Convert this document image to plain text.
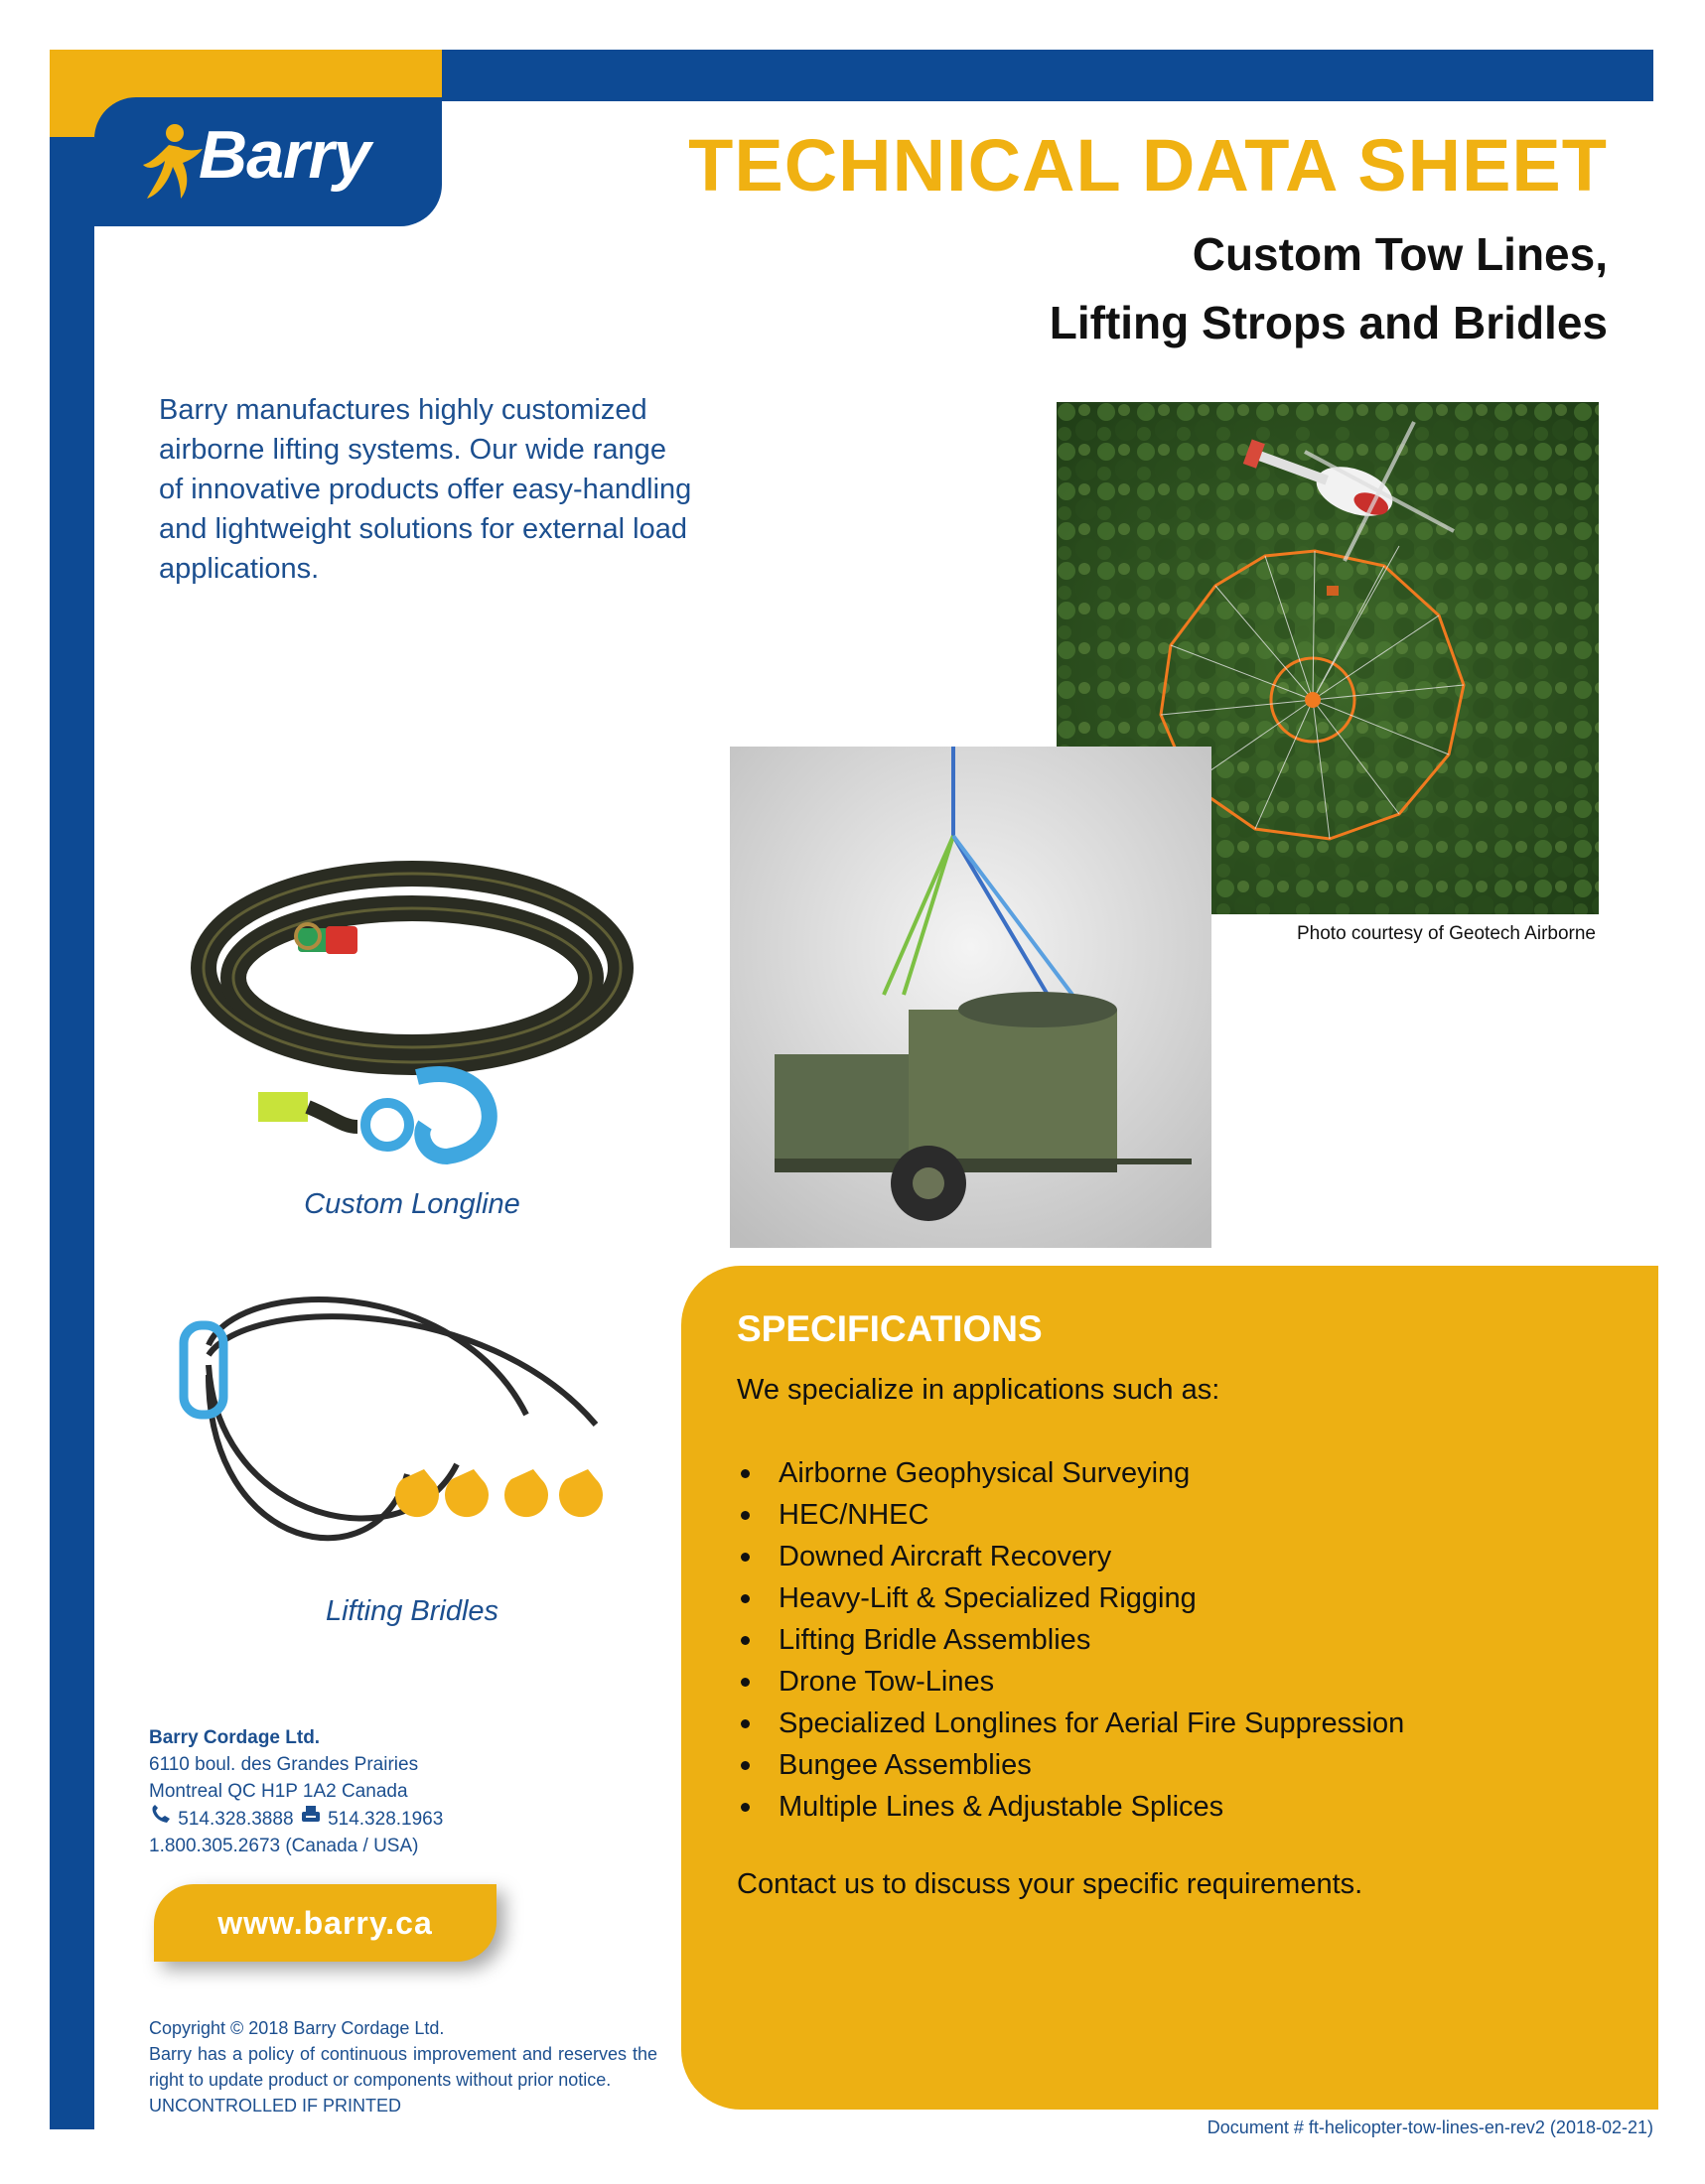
Barry	TECHNICAL DATA SHEET
Custom Tow Lines,
Lifting Strops and Bridles
Barry manufactures highly customized airborne lifting systems. Our wide range of innovative products offer easy-handling and lightweight solutions for external load applications.
Photo courtesy of Geotech Airborne
Custom Longline
Lifting Bridles
SPECIFICATIONS
We specialize in applications such as:
Airborne Geophysical Surveying
HEC/NHEC
Downed Aircraft Recovery
Heavy-Lift & Specialized Rigging
Lifting Bridle Assemblies
Drone Tow-Lines
Specialized Longlines for Aerial Fire Suppression
Bungee Assemblies
Multiple Lines & Adjustable Splices
Contact us to discuss your specific requirements.
Barry Cordage Ltd.
6110 boul. des Grandes Prairies
Montreal QC H1P 1A2 Canada
514.328.3888 514.328.1963
1.800.305.2673 (Canada / USA)
www.barry.ca
Copyright © 2018 Barry Cordage Ltd.
Barry has a policy of continuous improvement and reserves the right to update product or components without prior notice.
UNCONTROLLED IF PRINTED
Document # ft-helicopter-tow-lines-en-rev2 (2018-02-21)
